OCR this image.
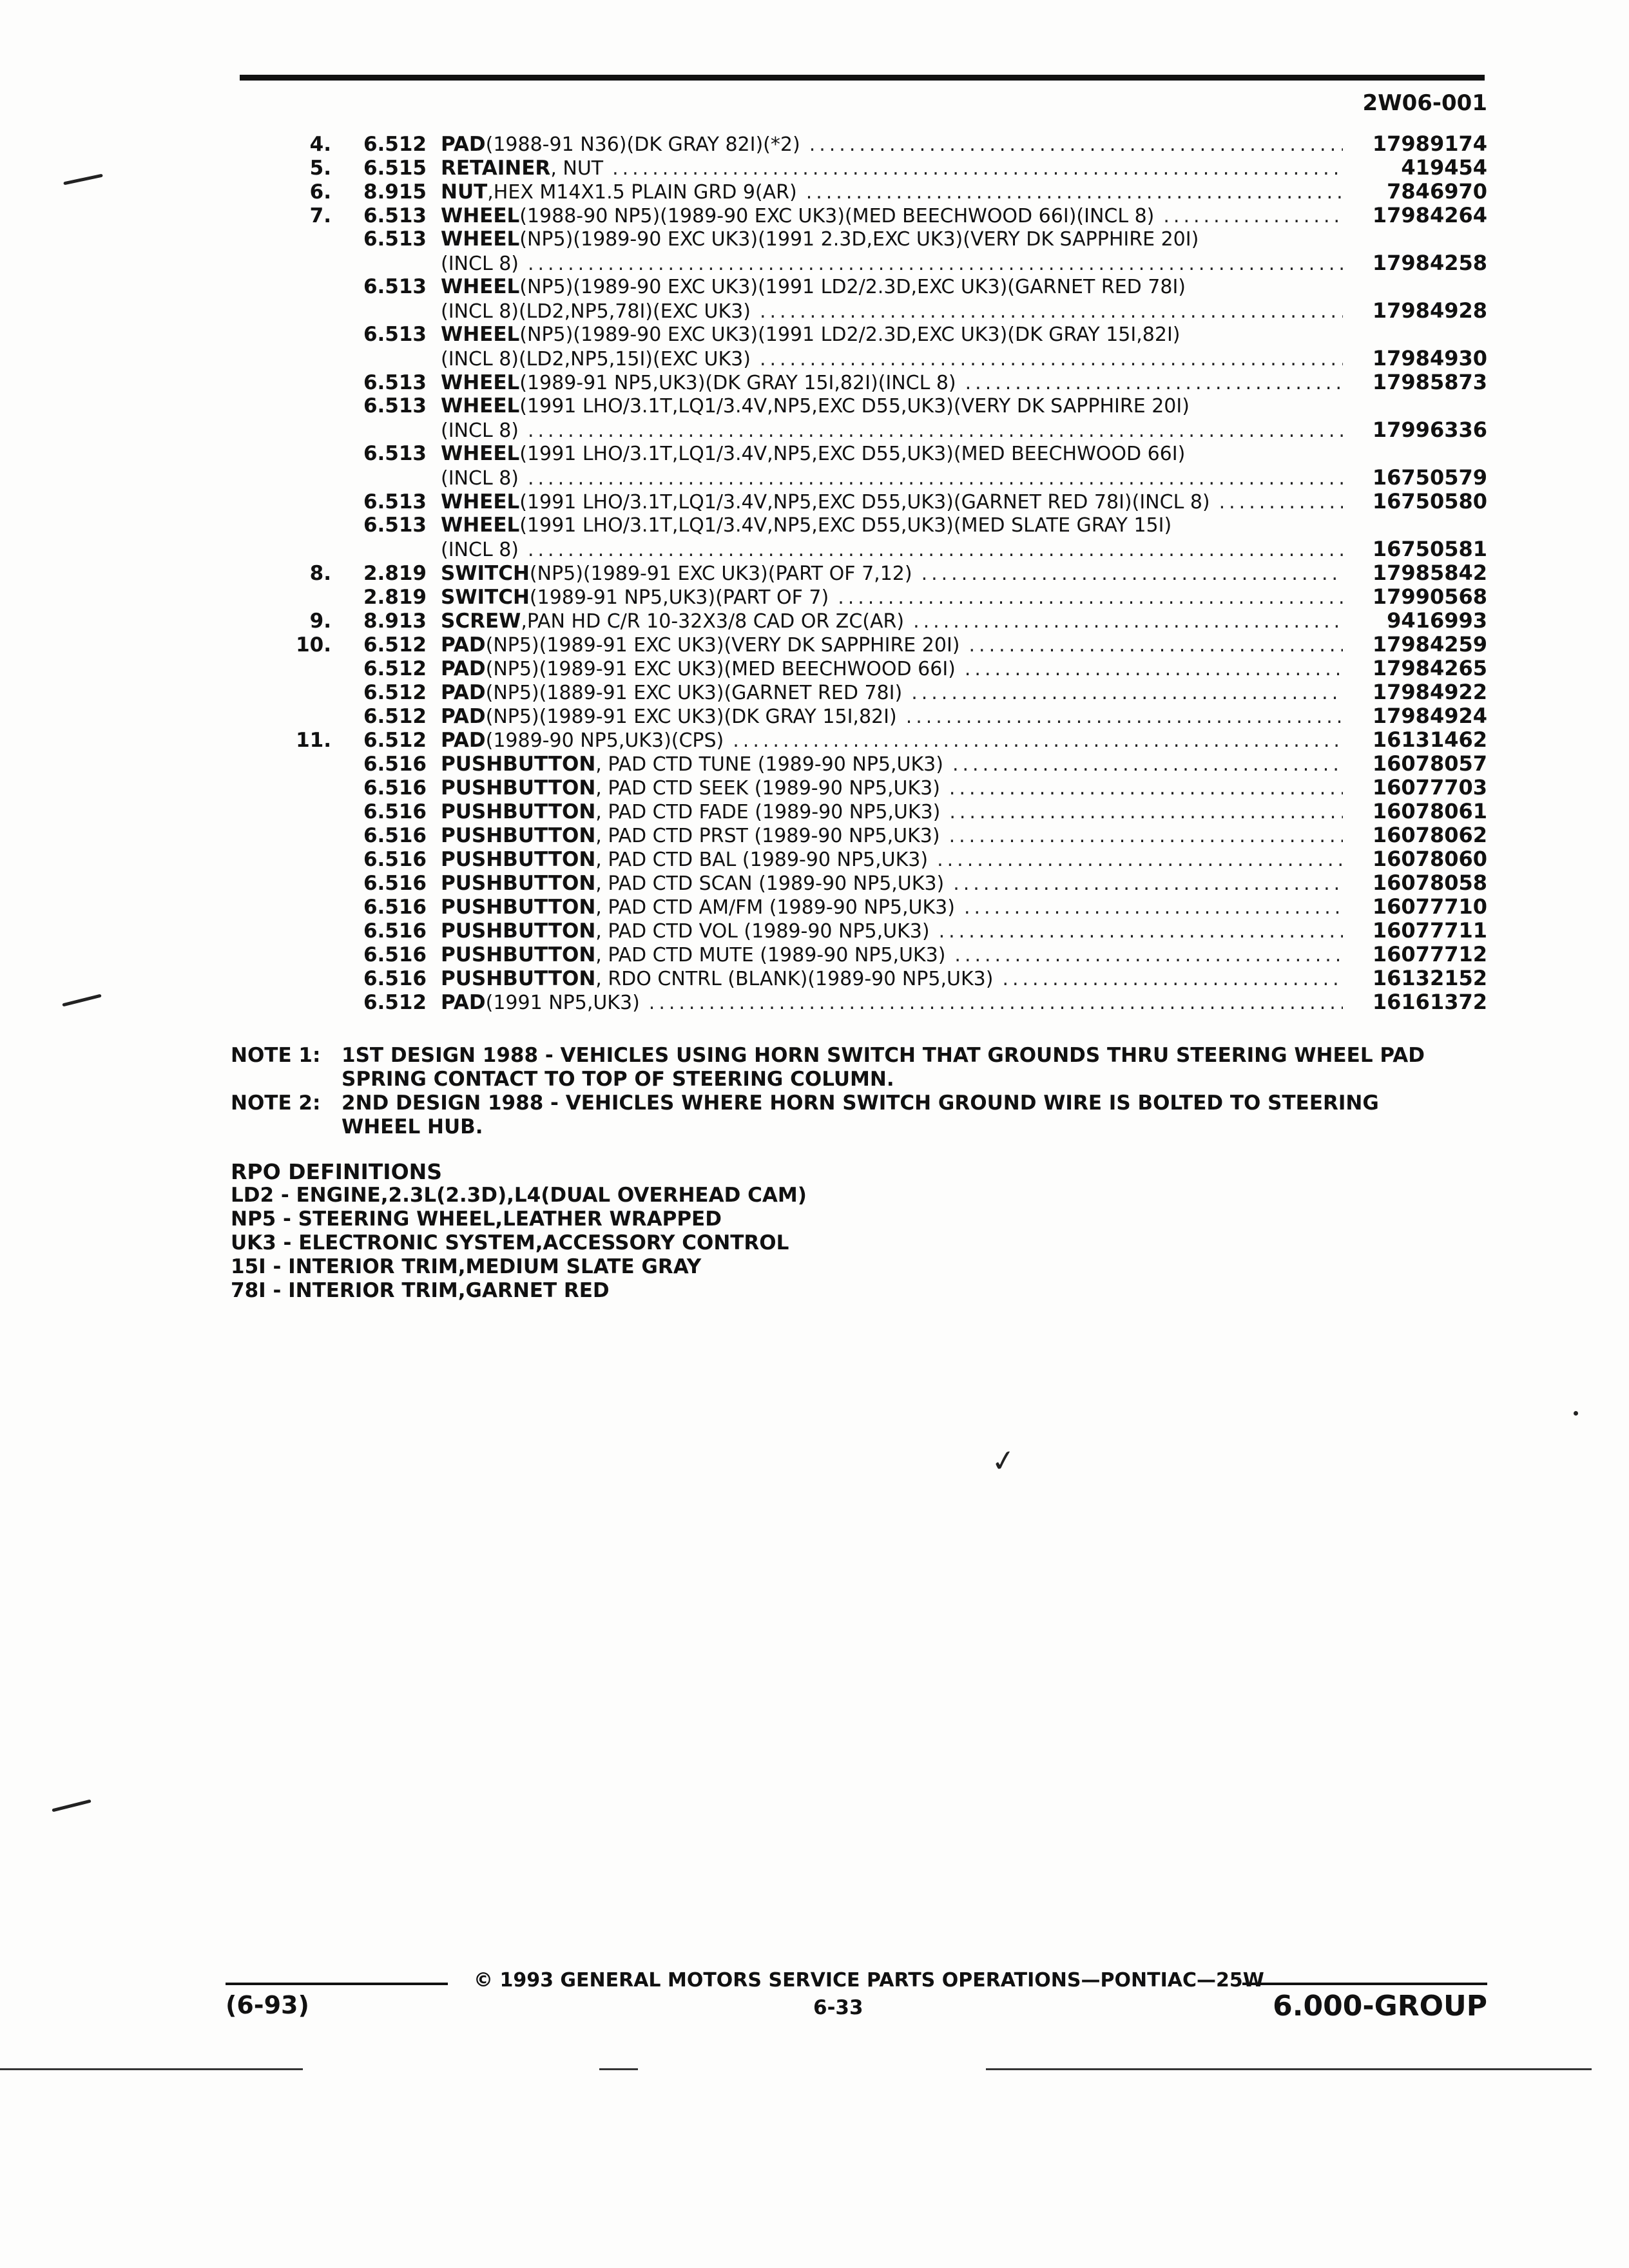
2W06-001
4.	6.512 PAD (1988-91 N36)(DK GRAY 82I)(*2) .....	17989174
5.	6.515 RETAINER , NUT .....	419454
6.	8.915 NUT ,HEX M14X1.5 PLAIN GRD 9(AR) .....	7846970
7.	6.513 WHEEL (1988-90 NP5)(1989-90 EXC UK3)(MED BEECHWOOD 66I)(INCL 8) .....	17984264
6.513 WHEEL (NP5)(1989-90 EXC UK3)(1991 2.3D,EXC UK3)(VERY DK SAPPHIRE 20I)
(INCL 8) .....	17984258
6.513 WHEEL (NP5)(1989-90 EXC UK3)(1991 LD2/2.3D,EXC UK3)(GARNET RED 78I)
(INCL 8)(LD2,NP5,78I)(EXC UK3) .....	17984928
6.513 WHEEL (NP5)(1989-90 EXC UK3)(1991 LD2/2.3D,EXC UK3)(DK GRAY 15I,82I)
(INCL 8)(LD2,NP5,15I)(EXC UK3) .....	17984930
6.513 WHEEL (1989-91 NP5,UK3)(DK GRAY 15I,82I)(INCL 8) .....	17985873
6.513 WHEEL (1991 LHO/3.1T,LQ1/3.4V,NP5,EXC D55,UK3)(VERY DK SAPPHIRE 20I)
(INCL 8) .....	17996336
6.513 WHEEL (1991 LHO/3.1T,LQ1/3.4V,NP5,EXC D55,UK3)(MED BEECHWOOD 66I)
(INCL 8) .....	16750579
6.513 WHEEL (1991 LHO/3.1T,LQ1/3.4V,NP5,EXC D55,UK3)(GARNET RED 78I)(INCL 8) .....	16750580
6.513 WHEEL (1991 LHO/3.1T,LQ1/3.4V,NP5,EXC D55,UK3)(MED SLATE GRAY 15I)
(INCL 8) .....	16750581
8.	2.819 SWITCH (NP5)(1989-91 EXC UK3)(PART OF 7,12) .....	17985842
2.819 SWITCH (1989-91 NP5,UK3)(PART OF 7) .....	17990568
9.	8.913 SCREW ,PAN HD C/R 10-32X3/8 CAD OR ZC(AR) .....	9416993
10.	6.512 PAD (NP5)(1989-91 EXC UK3)(VERY DK SAPPHIRE 20I) .....	17984259
6.512 PAD (NP5)(1989-91 EXC UK3)(MED BEECHWOOD 66I) .....	17984265
6.512 PAD (NP5)(1889-91 EXC UK3)(GARNET RED 78I) .....	17984922
6.512 PAD (NP5)(1989-91 EXC UK3)(DK GRAY 15I,82I) .....	17984924
11.	6.512 PAD (1989-90 NP5,UK3)(CPS) .....	16131462
6.516 PUSHBUTTON , PAD CTD TUNE (1989-90 NP5,UK3) .....	16078057
6.516 PUSHBUTTON , PAD CTD SEEK (1989-90 NP5,UK3) .....	16077703
6.516 PUSHBUTTON , PAD CTD FADE (1989-90 NP5,UK3) .....	16078061
6.516 PUSHBUTTON , PAD CTD PRST (1989-90 NP5,UK3) .....	16078062
6.516 PUSHBUTTON , PAD CTD BAL (1989-90 NP5,UK3) .....	16078060
6.516 PUSHBUTTON , PAD CTD SCAN (1989-90 NP5,UK3) .....	16078058
6.516 PUSHBUTTON , PAD CTD AM/FM (1989-90 NP5,UK3) .....	16077710
6.516 PUSHBUTTON , PAD CTD VOL (1989-90 NP5,UK3) .....	16077711
6.516 PUSHBUTTON , PAD CTD MUTE (1989-90 NP5,UK3) .....	16077712
6.516 PUSHBUTTON , RDO CNTRL (BLANK)(1989-90 NP5,UK3) .....	16132152
6.512 PAD (1991 NP5,UK3) .....	16161372
NOTE 1:	1ST DESIGN 1988 - VEHICLES USING HORN SWITCH THAT GROUNDS THRU STEERING WHEEL PAD SPRING CONTACT TO TOP OF STEERING COLUMN.
NOTE 2:	2ND DESIGN 1988 - VEHICLES WHERE HORN SWITCH GROUND WIRE IS BOLTED TO STEERING WHEEL HUB.
RPO DEFINITIONS
LD2 - ENGINE,2.3L(2.3D),L4(DUAL OVERHEAD CAM)
NP5 - STEERING WHEEL,LEATHER WRAPPED
UK3 - ELECTRONIC SYSTEM,ACCESSORY CONTROL
15I - INTERIOR TRIM,MEDIUM SLATE GRAY
78I - INTERIOR TRIM,GARNET RED
✓
© 1993 GENERAL MOTORS SERVICE PARTS OPERATIONS—PONTIAC—25W
(6-93)	6-33	6.000-GROUP
